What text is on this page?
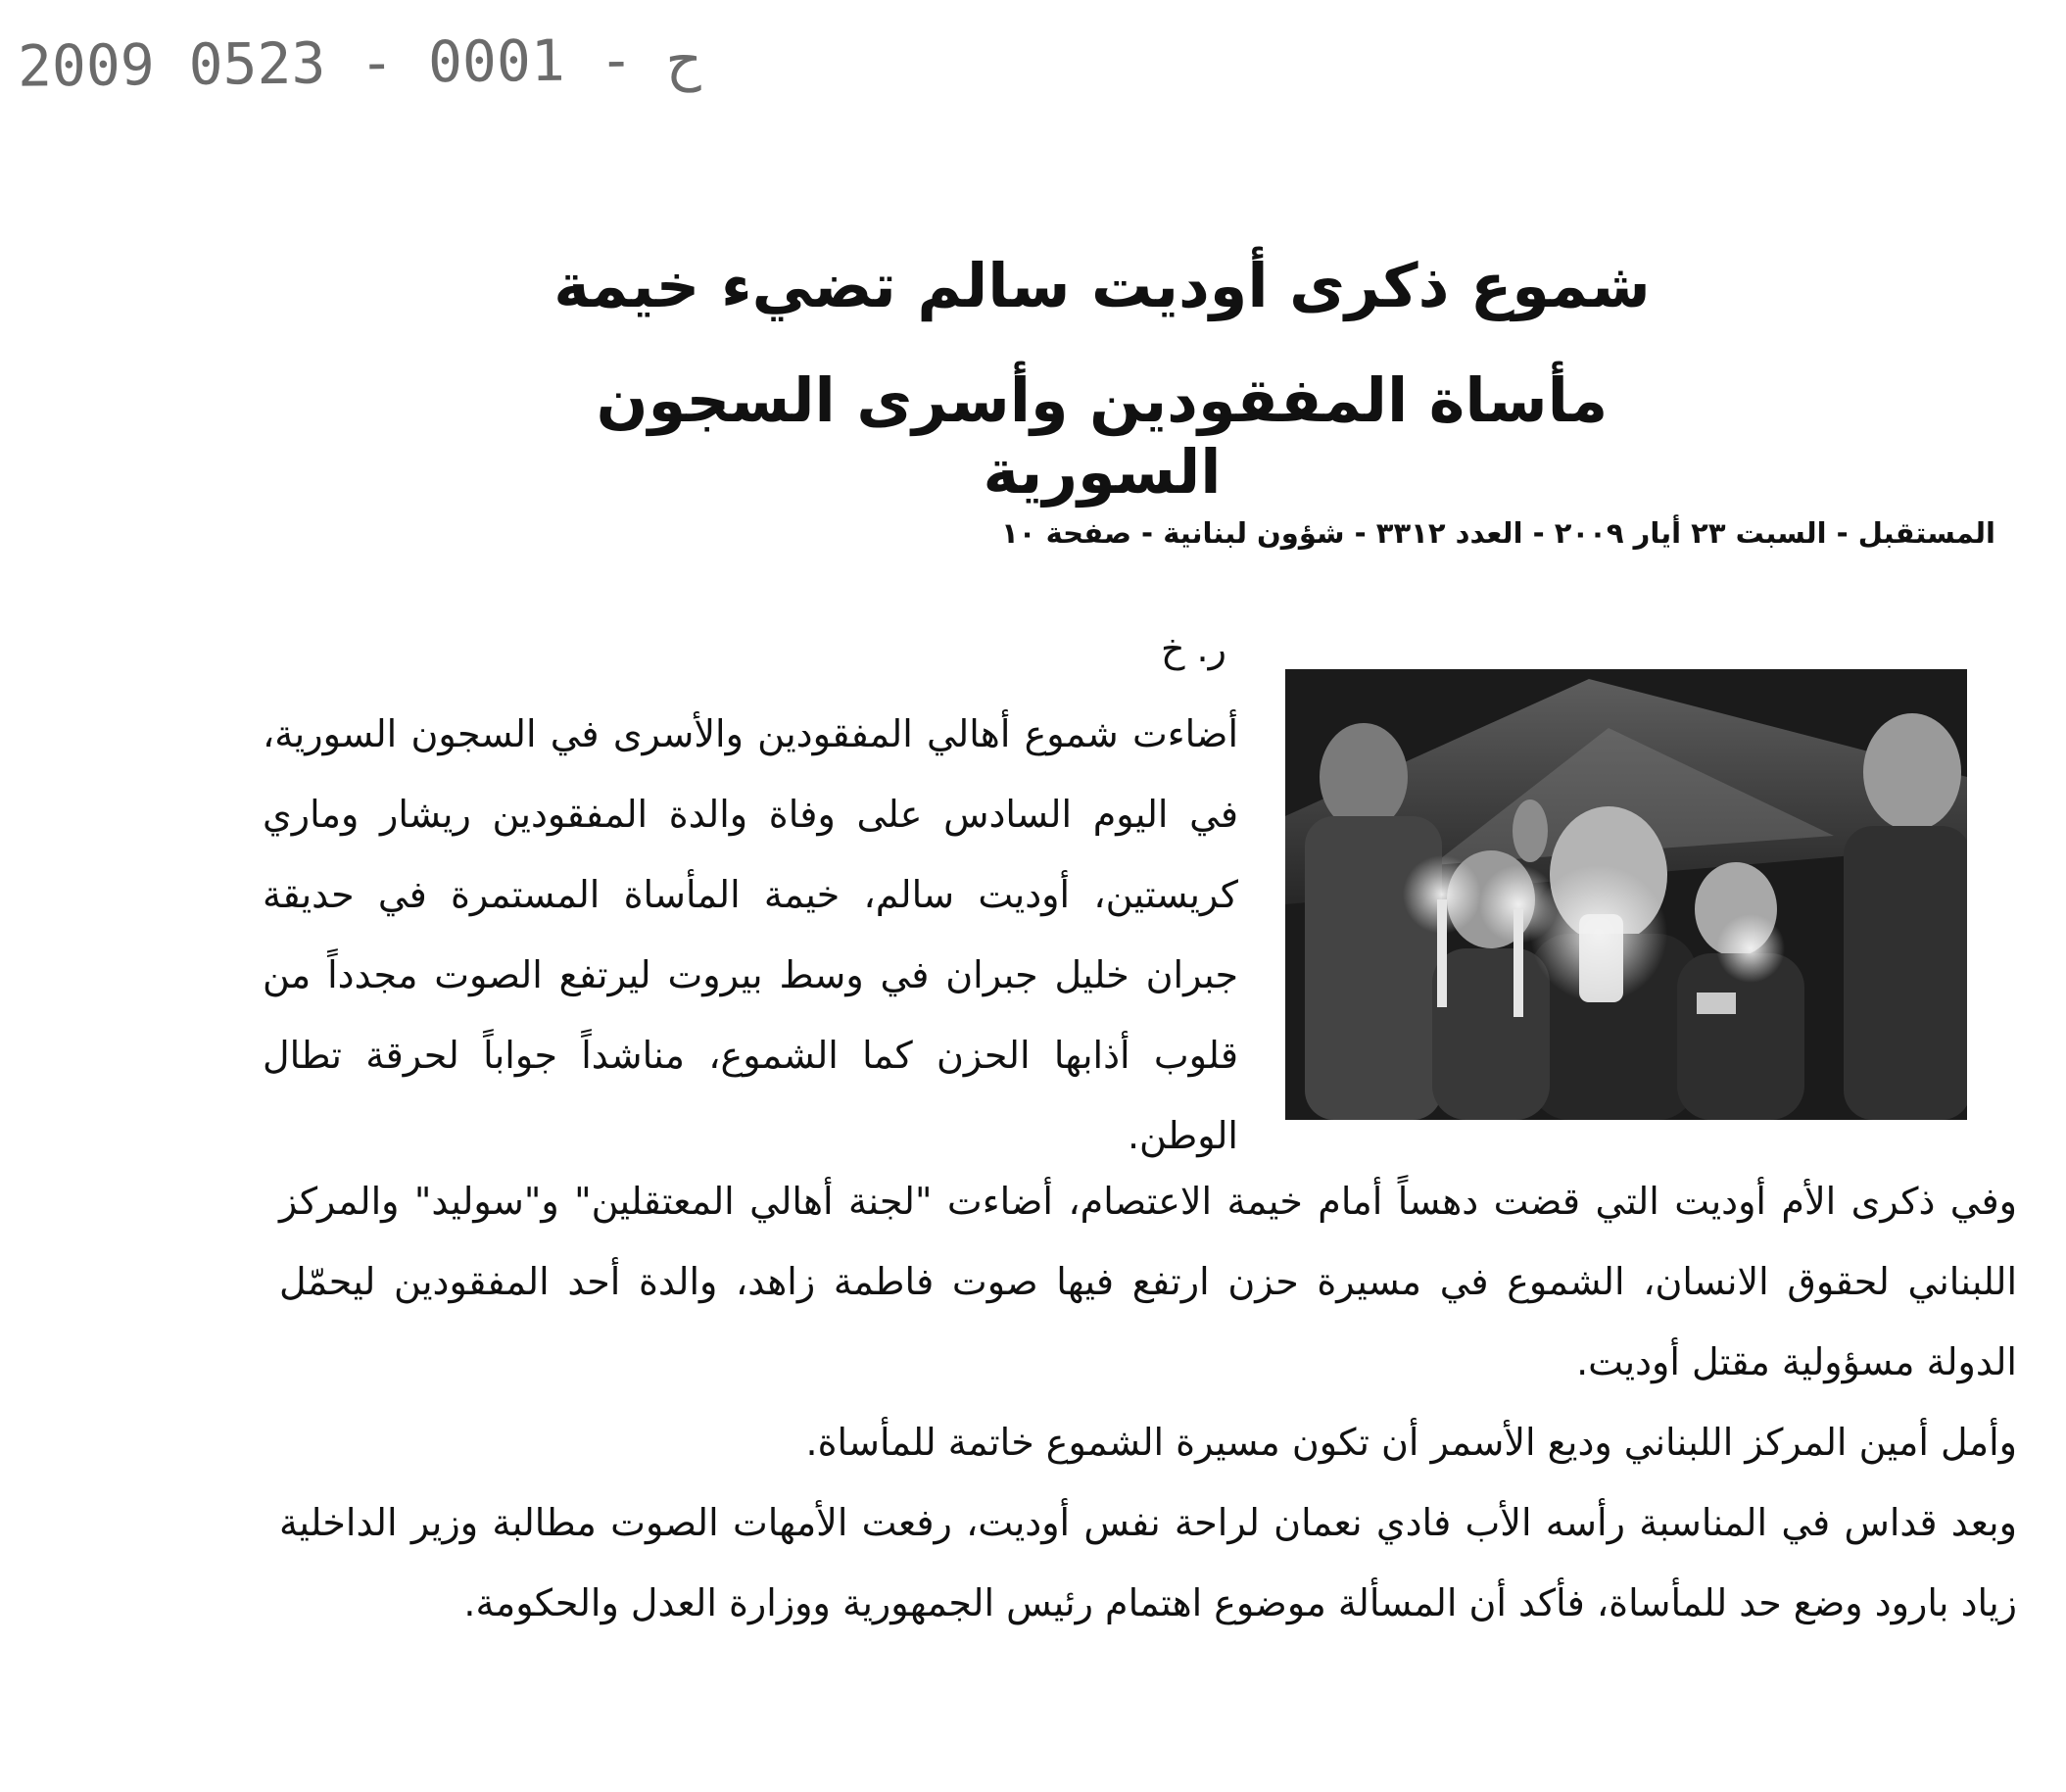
2009 0523 - 0001 - ح
شموع ذكرى أوديت سالم تضيء خيمة
مأساة المفقودين وأسرى السجون السورية
المستقبل - السبت ٢٣ أيار ٢٠٠٩ - العدد ٣٣١٢ - شؤون لبنانية - صفحة ١٠
ر. خ

أضاءت شموع أهالي المفقودين والأسرى في السجون السورية، في اليوم السادس على وفاة والدة المفقودين ريشار وماري كريستين، أوديت سالم، خيمة المأساة المستمرة في حديقة جبران خليل جبران في وسط بيروت ليرتفع الصوت مجدداً من قلوب أذابها الحزن كما الشموع، مناشداً جواباً لحرقة تطال الوطن.

وفي ذكرى الأم أوديت التي قضت دهساً أمام خيمة الاعتصام، أضاءت "لجنة أهالي المعتقلين" و"سوليد" والمركز اللبناني لحقوق الانسان، الشموع في مسيرة حزن ارتفع فيها صوت فاطمة زاهد، والدة أحد المفقودين ليحمّل الدولة مسؤولية مقتل أوديت.

وأمل أمين المركز اللبناني وديع الأسمر أن تكون مسيرة الشموع خاتمة للمأساة.

وبعد قداس في المناسبة رأسه الأب فادي نعمان لراحة نفس أوديت، رفعت الأمهات الصوت مطالبة وزير الداخلية زياد بارود وضع حد للمأساة، فأكد أن المسألة موضوع اهتمام رئيس الجمهورية ووزارة العدل والحكومة.
